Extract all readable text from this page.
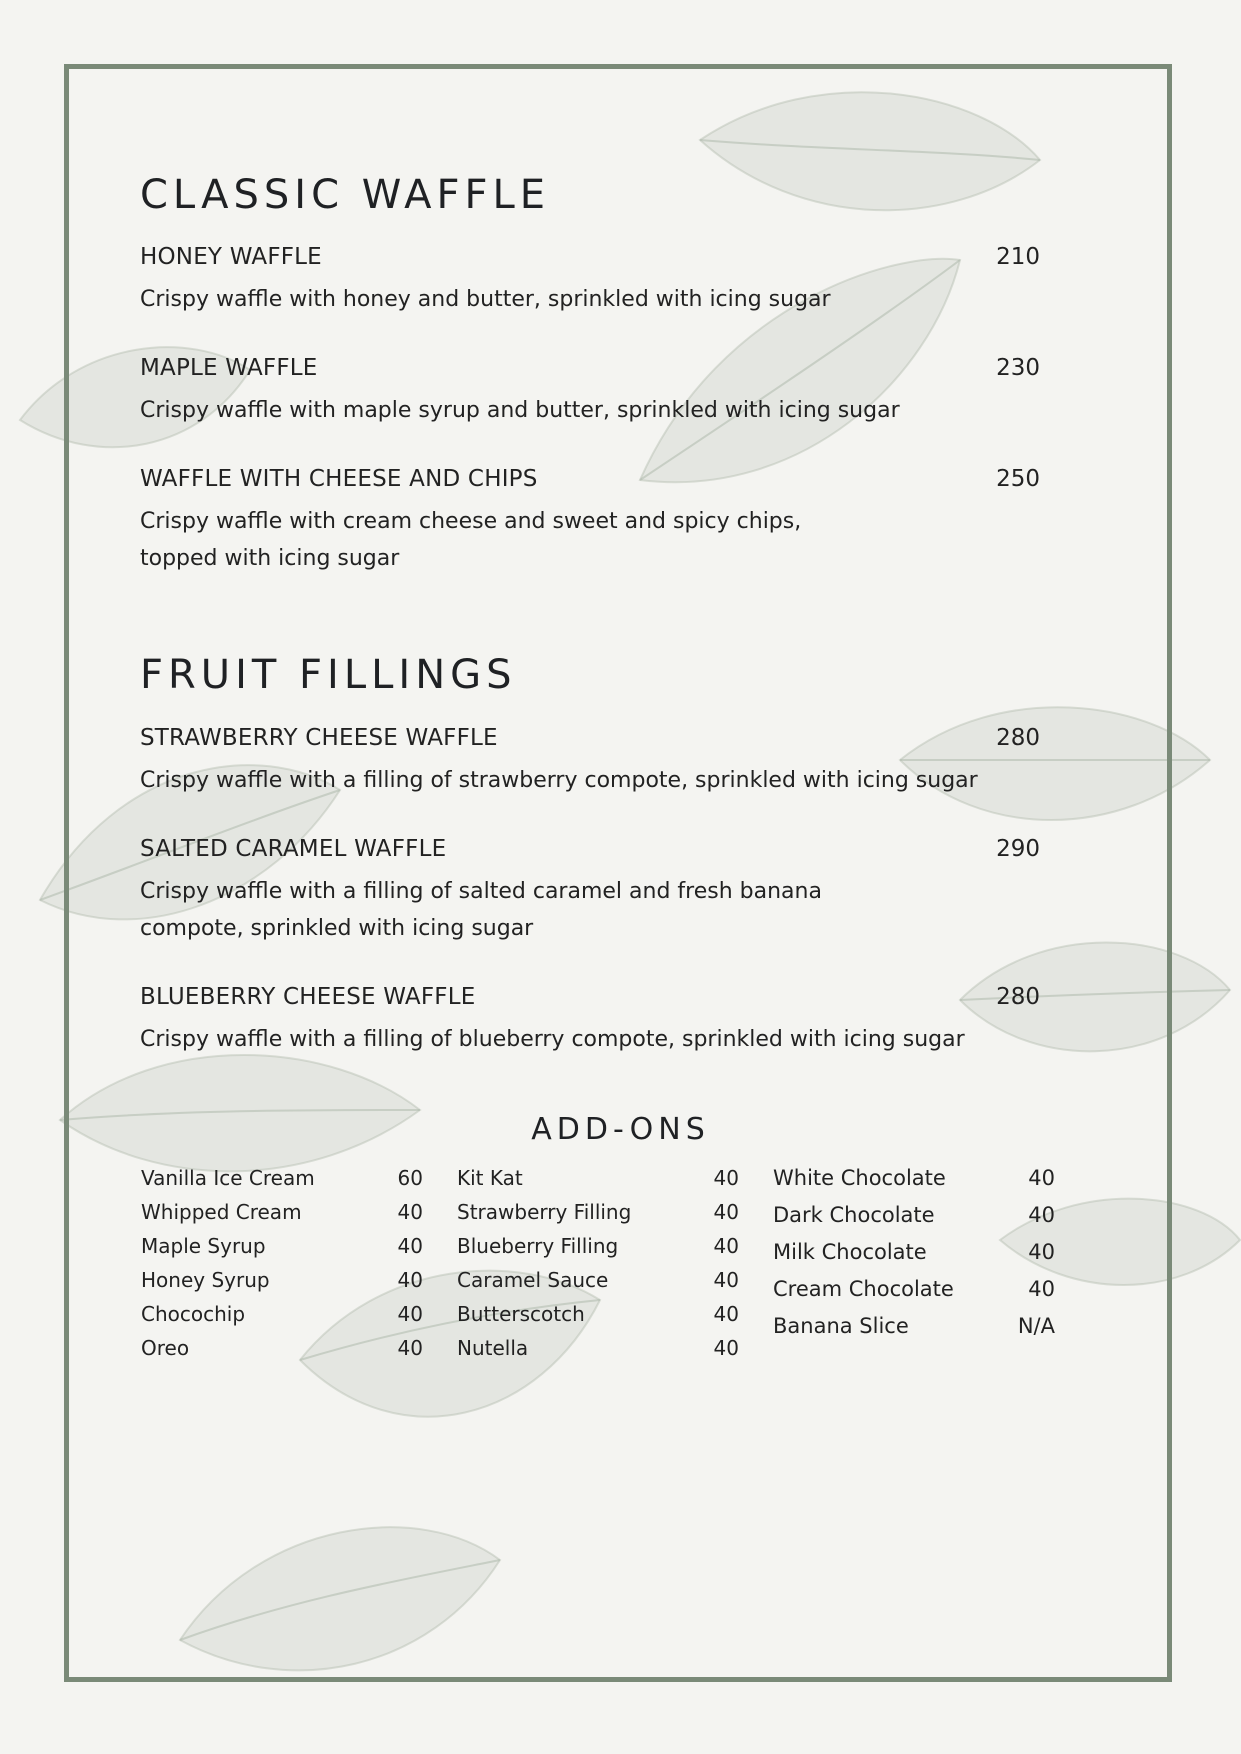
CLASSIC WAFFLE
HONEY WAFFLE	210
Crispy waffle with honey and butter, sprinkled with icing sugar
MAPLE WAFFLE	230
Crispy waffle with maple syrup and butter, sprinkled with icing sugar
WAFFLE WITH CHEESE AND CHIPS	250
Crispy waffle with cream cheese and sweet and spicy chips, topped with icing sugar
FRUIT FILLINGS
STRAWBERRY CHEESE WAFFLE	280
Crispy waffle with a filling of strawberry compote, sprinkled with icing sugar
SALTED CARAMEL WAFFLE	290
Crispy waffle with a filling of salted caramel and fresh banana compote, sprinkled with icing sugar
BLUEBERRY CHEESE WAFFLE	280
Crispy waffle with a filling of blueberry compote, sprinkled with icing sugar
ADD-ONS
Vanilla Ice Cream	60
Whipped Cream	40
Maple Syrup	40
Honey Syrup	40
Chocochip	40
Oreo	40
Kit Kat	40
Strawberry Filling	40
Blueberry Filling	40
Caramel Sauce	40
Butterscotch	40
Nutella	40
White Chocolate	40
Dark Chocolate	40
Milk Chocolate	40
Cream Chocolate	40
Banana Slice	N/A
